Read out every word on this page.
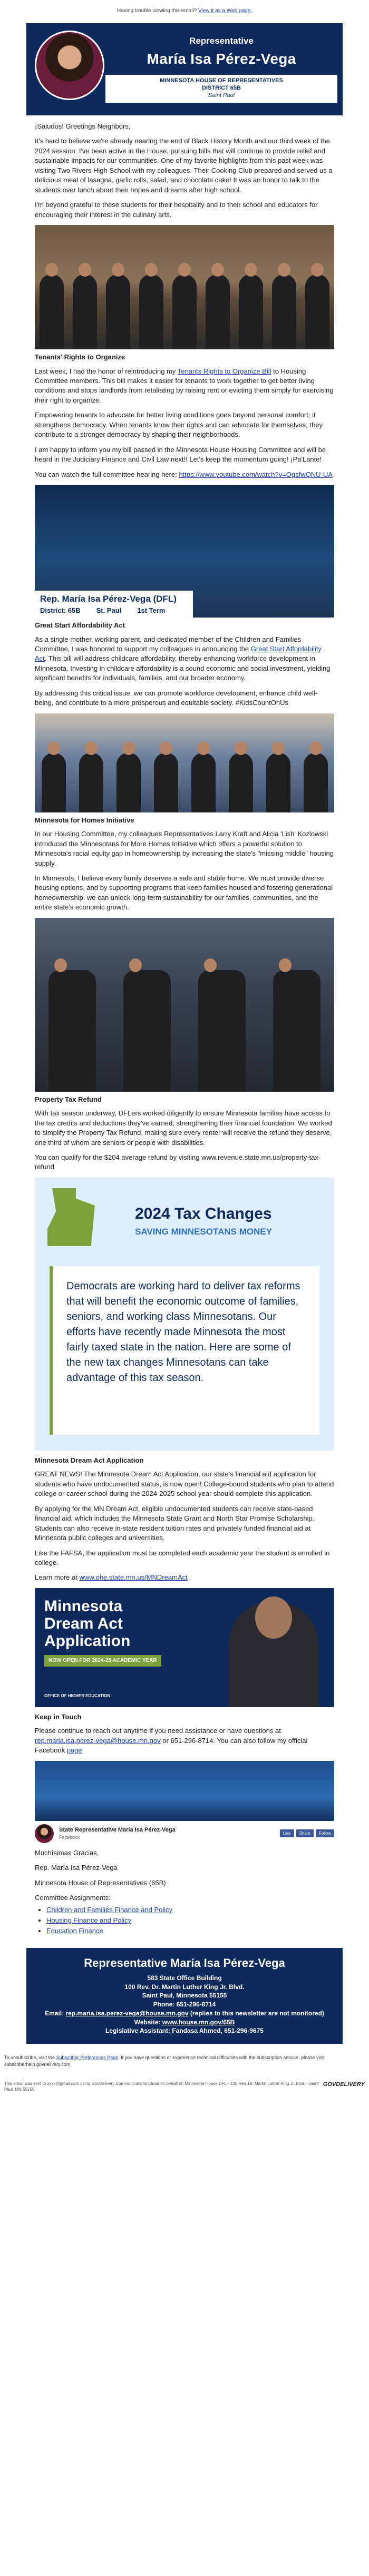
Having trouble viewing this email? View it as a Web page.
Representative
María Isa Pérez-Vega
MINNESOTA HOUSE OF REPRESENTATIVES
DISTRICT 65B
Saint Paul

¡Saludos! Greetings Neighbors,

It's hard to believe we're already nearing the end of Black History Month and our third week of the 2024 session. I've been active in the House, pursuing bills that will continue to provide relief and sustainable impacts for our communities. One of my favorite highlights from this past week was visiting Two Rivers High School with my colleagues. Their Cooking Club prepared and served us a delicious meal of lasagna, garlic rolls, salad, and chocolate cake! It was an honor to talk to the students over lunch about their hopes and dreams after high school.

I'm beyond grateful to these students for their hospitality and to their school and educators for encouraging their interest in the culinary arts.

Tenants' Rights to Organize

Last week, I had the honor of reintroducing my Tenants Rights to Organize Bill to Housing Committee members. This bill makes it easier for tenants to work together to get better living conditions and stops landlords from retaliating by raising rent or evicting them simply for exercising their right to organize.

Empowering tenants to advocate for better living conditions goes beyond personal comfort; it strengthens democracy. When tenants know their rights and can advocate for themselves, they contribute to a stronger democracy by shaping their neighborhoods.

I am happy to inform you my bill passed in the Minnesota House Housing Committee and will be heard in the Judiciary Finance and Civil Law next!! Let's keep the momentum going! ¡Pa'Lante!

You can watch the full committee hearing here: https://www.youtube.com/watch?v=OgsfwQNU-UA

Rep. María Isa Pérez-Vega (DFL)
District: 65B St. Paul 1st Term
Great Start Affordability Act

As a single mother, working parent, and dedicated member of the Children and Families Committee, I was honored to support my colleagues in announcing the Great Start Affordability Act. This bill will address childcare affordability, thereby enhancing workforce development in Minnesota. Investing in childcare affordability is a sound economic and social investment, yielding significant benefits for individuals, families, and our broader economy.

By addressing this critical issue, we can promote workforce development, enhance child well-being, and contribute to a more prosperous and equitable society. #KidsCountOnUs

Minnesota for Homes Initiative

In our Housing Committee, my colleagues Representatives Larry Kraft and Alicia 'Lish' Kozlowski introduced the Minnesotans for More Homes Initiative which offers a powerful solution to Minnesota's racial equity gap in homeownership by increasing the state's "missing middle" housing supply.

In Minnesota, I believe every family deserves a safe and stable home. We must provide diverse housing options, and by supporting programs that keep families housed and fostering generational homeownership, we can unlock long-term sustainability for our families, communities, and the entire state's economic growth.

Property Tax Refund

With tax season underway, DFLers worked diligently to ensure Minnesota families have access to the tax credits and deductions they've earned, strengthening their financial foundation. We worked to simplify the Property Tax Refund, making sure every renter will receive the refund they deserve, one third of whom are seniors or people with disabilities.

You can qualify for the $204 average refund by visiting www.revenue.state.mn.us/property-tax-refund

2024 Tax Changes
SAVING MINNESOTANS MONEY
Democrats are working hard to deliver tax reforms that will benefit the economic outcome of families, seniors, and working class Minnesotans. Our efforts have recently made Minnesota the most fairly taxed state in the nation. Here are some of the new tax changes Minnesotans can take advantage of this tax season.
Minnesota Dream Act Application

GREAT NEWS! The Minnesota Dream Act Application, our state's financial aid application for students who have undocumented status, is now open! College-bound students who plan to attend college or career school during the 2024-2025 school year should complete this application.

By applying for the MN Dream Act, eligible undocumented students can receive state-based financial aid, which includes the Minnesota State Grant and North Star Promise Scholarship. Students can also receive in-state resident tuition rates and privately funded financial aid at Minnesota public colleges and universities.

Like the FAFSA, the application must be completed each academic year the student is enrolled in college.

Learn more at www.ohe.state.mn.us/MNDreamAct

Minnesota Dream Act Application
NOW OPEN FOR 2024-25 ACADEMIC YEAR
OFFICE OF HIGHER EDUCATION
Keep in Touch

Please continue to reach out anytime if you need assistance or have questions at rep.maria.isa.perez-vega@house.mn.gov or 651-296-8714. You can also follow my official Facebook page

State Representative María Isa Pérez-Vega
Facebook
Like	Share	Follow

Muchísimas Gracias,

Rep. María Isa Pérez-Vega

Minnesota House of Representatives (65B)

Committee Assignments:

• Children and Families Finance and Policy
• Housing Finance and Policy
• Education Finance
Representative María Isa Pérez-Vega
583 State Office Building
100 Rev. Dr. Martin Luther King Jr. Blvd.
Saint Paul, Minnesota 55155
Phone: 651-296-8714
Email: rep.maria.isa.perez-vega@house.mn.gov (replies to this newsletter are not monitored)
Website: www.house.mn.gov/65B
Legislative Assistant: Fandasa Ahmed, 651-296-9675
To unsubscribe, visit the Subscriber Preferences Page. If you have questions or experience technical difficulties with the subscription service, please visit subscriberhelp.govdelivery.com.
This email was sent to xxxx@gmail.com using GovDelivery Communications Cloud on behalf of: Minnesota House DFL · 100 Rev. Dr. Martin Luther King Jr. Blvd. · Saint Paul, MN 55155
GOVDELIVERY
